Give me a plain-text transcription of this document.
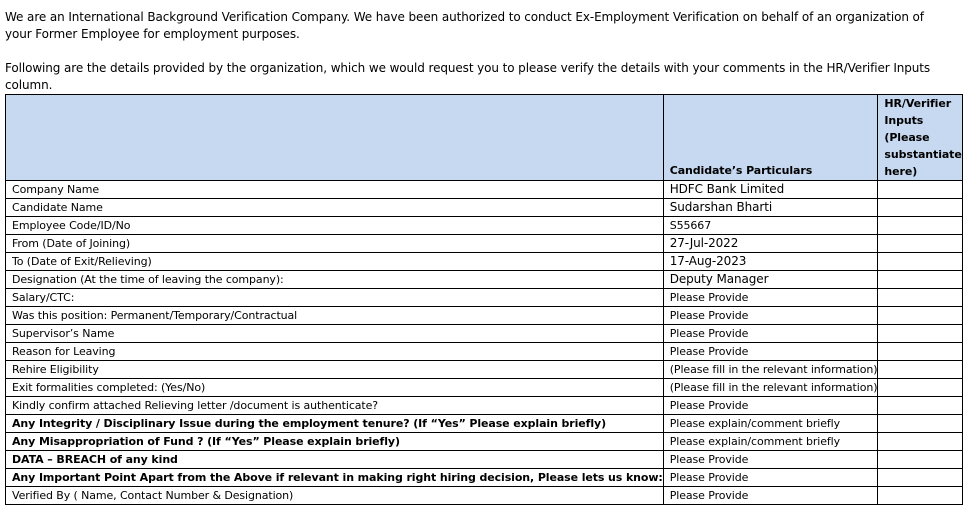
We are an International Background Verification Company. We have been authorized to conduct Ex-Employment Verification on behalf of an organization of your Former Employee for employment purposes.

Following are the details provided by the organization, which we would request you to please verify the details with your comments in the HR/Verifier Inputs column.

	Candidate’s Particulars	HR/Verifier Inputs (Please substantiate here)
Company Name	HDFC Bank Limited	
Candidate Name	Sudarshan Bharti	
Employee Code/ID/No	S55667	
From (Date of Joining)	27-Jul-2022	
To (Date of Exit/Relieving)	17-Aug-2023	
Designation (At the time of leaving the company):	Deputy Manager	
Salary/CTC:	Please Provide	
Was this position: Permanent/Temporary/Contractual	Please Provide	
Supervisor’s Name	Please Provide	
Reason for Leaving	Please Provide	
Rehire Eligibility	(Please fill in the relevant information)	
Exit formalities completed: (Yes/No)	(Please fill in the relevant information)	
Kindly confirm attached Relieving letter /document is authenticate?	Please Provide	
Any Integrity / Disciplinary Issue during the employment tenure? (If “Yes” Please explain briefly)	Please explain/comment briefly	
Any Misappropriation of Fund ? (If “Yes” Please explain briefly)	Please explain/comment briefly	
DATA – BREACH of any kind	Please Provide	
Any Important Point Apart from the Above if relevant in making right hiring decision, Please lets us know:	Please Provide	
Verified By ( Name, Contact Number & Designation)	Please Provide	
